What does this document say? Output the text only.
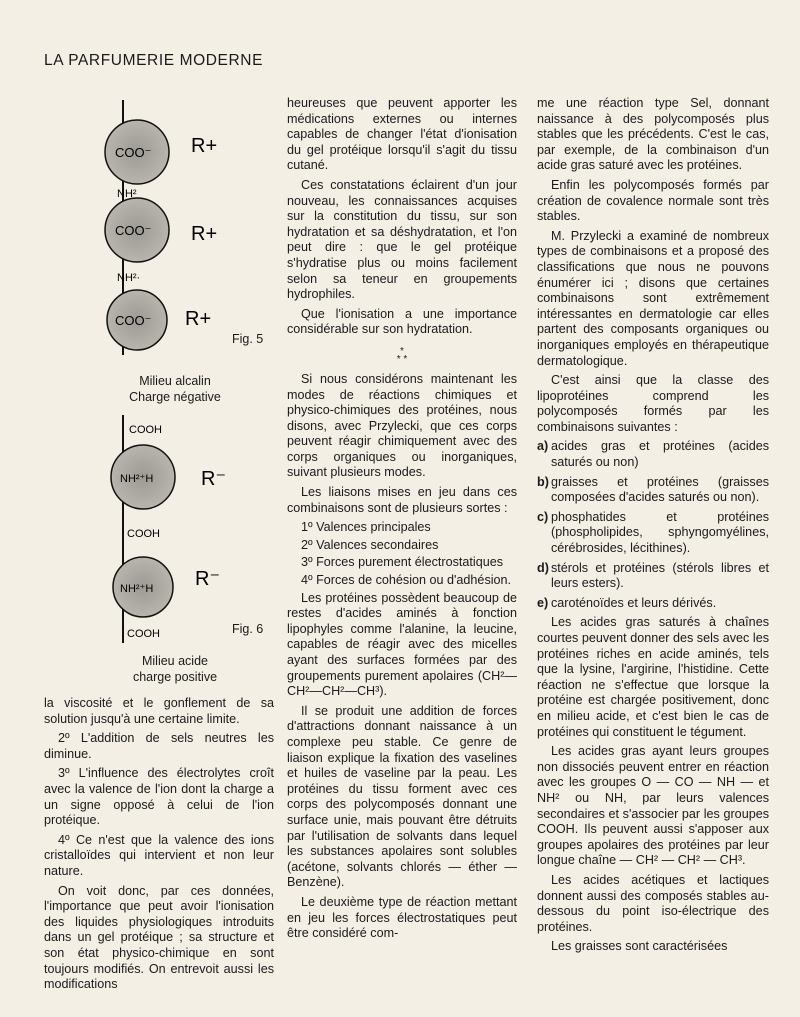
LA PARFUMERIE MODERNE
COO⁻
COO⁻
COO⁻
NH²
NH²·
R+
R+
R+
Fig. 5
Milieu alcalin
Charge négative
COOH
COOH
COOH
NH²⁺H
NH²⁺H
R⁻
R⁻
Fig. 6
Milieu acide
charge positive

la viscosité et le gonflement de sa solution jusqu'à une certaine limite.

2º L'addition de sels neutres les diminue.

3º L'influence des électrolytes croît avec la valence de l'ion dont la charge a un signe opposé à celui de l'ion protéique.

4º Ce n'est que la valence des ions cristalloïdes qui intervient et non leur nature.

On voit donc, par ces données, l'importance que peut avoir l'ionisation des liquides physiologiques introduits dans un gel protéique ; sa structure et son état physico-chimique en sont toujours modifiés. On entrevoit aussi les modifications

heureuses que peuvent apporter les médications externes ou internes capables de changer l'état d'ionisation du gel protéique lorsqu'il s'agit du tissu cutané.

Ces constatations éclairent d'un jour nouveau, les connaissances acquises sur la constitution du tissu, sur son hydratation et sa déshydratation, et l'on peut dire : que le gel protéique s'hydratise plus ou moins facilement selon sa teneur en groupements hydrophiles.

Que l'ionisation a une importance considérable sur son hydratation.

*
* *

Si nous considérons maintenant les modes de réactions chimiques et physico-chimiques des protéines, nous disons, avec Przylecki, que ces corps peuvent réagir chimiquement avec des corps organiques ou inorganiques, suivant plusieurs modes.

Les liaisons mises en jeu dans ces combinaisons sont de plusieurs sortes :

1º Valences principales

2º Valences secondaires

3º Forces purement électrostatiques

4º Forces de cohésion ou d'adhésion.

Les protéines possèdent beaucoup de restes d'acides aminés à fonction lipophyles comme l'alanine, la leucine, capables de réagir avec des micelles ayant des surfaces formées par des groupements purement apolaires (CH²—CH²—CH²—CH³).

Il se produit une addition de forces d'attractions donnant naissance à un complexe peu stable. Ce genre de liaison explique la fixation des vaselines et huiles de vaseline par la peau. Les protéines du tissu forment avec ces corps des polycomposés donnant une surface unie, mais pouvant être détruits par l'utilisation de solvants dans lequel les substances apolaires sont solubles (acétone, solvants chlorés — éther — Benzène).

Le deuxième type de réaction mettant en jeu les forces électrostatiques peut être considéré com-

me une réaction type Sel, donnant naissance à des polycomposés plus stables que les précédents. C'est le cas, par exemple, de la combinaison d'un acide gras saturé avec les protéines.

Enfin les polycomposés formés par création de covalence normale sont très stables.

M. Przylecki a examiné de nombreux types de combinaisons et a proposé des classifications que nous ne pouvons énumérer ici ; disons que certaines combinaisons sont extrêmement intéressantes en dermatologie car elles partent des composants organiques ou inorganiques employés en thérapeutique dermatologique.

C'est ainsi que la classe des lipoprotéines comprend les polycomposés formés par les combinaisons suivantes :

a) acides gras et protéines (acides saturés ou non)

b) graisses et protéines (graisses composées d'acides saturés ou non).

c) phosphatides et protéines (phospholipides, sphyngomyélines, cérébrosides, lécithines).

d) stérols et protéines (stérols libres et leurs esters).

e) caroténoïdes et leurs dérivés.

Les acides gras saturés à chaînes courtes peuvent donner des sels avec les protéines riches en acide aminés, tels que la lysine, l'argirine, l'histidine. Cette réaction ne s'effectue que lorsque la protéine est chargée positivement, donc en milieu acide, et c'est bien le cas de protéines qui constituent le tégument.

Les acides gras ayant leurs groupes non dissociés peuvent entrer en réaction avec les groupes O — CO — NH — et NH² ou NH, par leurs valences secondaires et s'associer par les groupes COOH. Ils peuvent aussi s'apposer aux groupes apolaires des protéines par leur longue chaîne — CH² — CH² — CH³.

Les acides acétiques et lactiques donnent aussi des composés stables au-dessous du point iso-électrique des protéines.

Les graisses sont caractérisées
